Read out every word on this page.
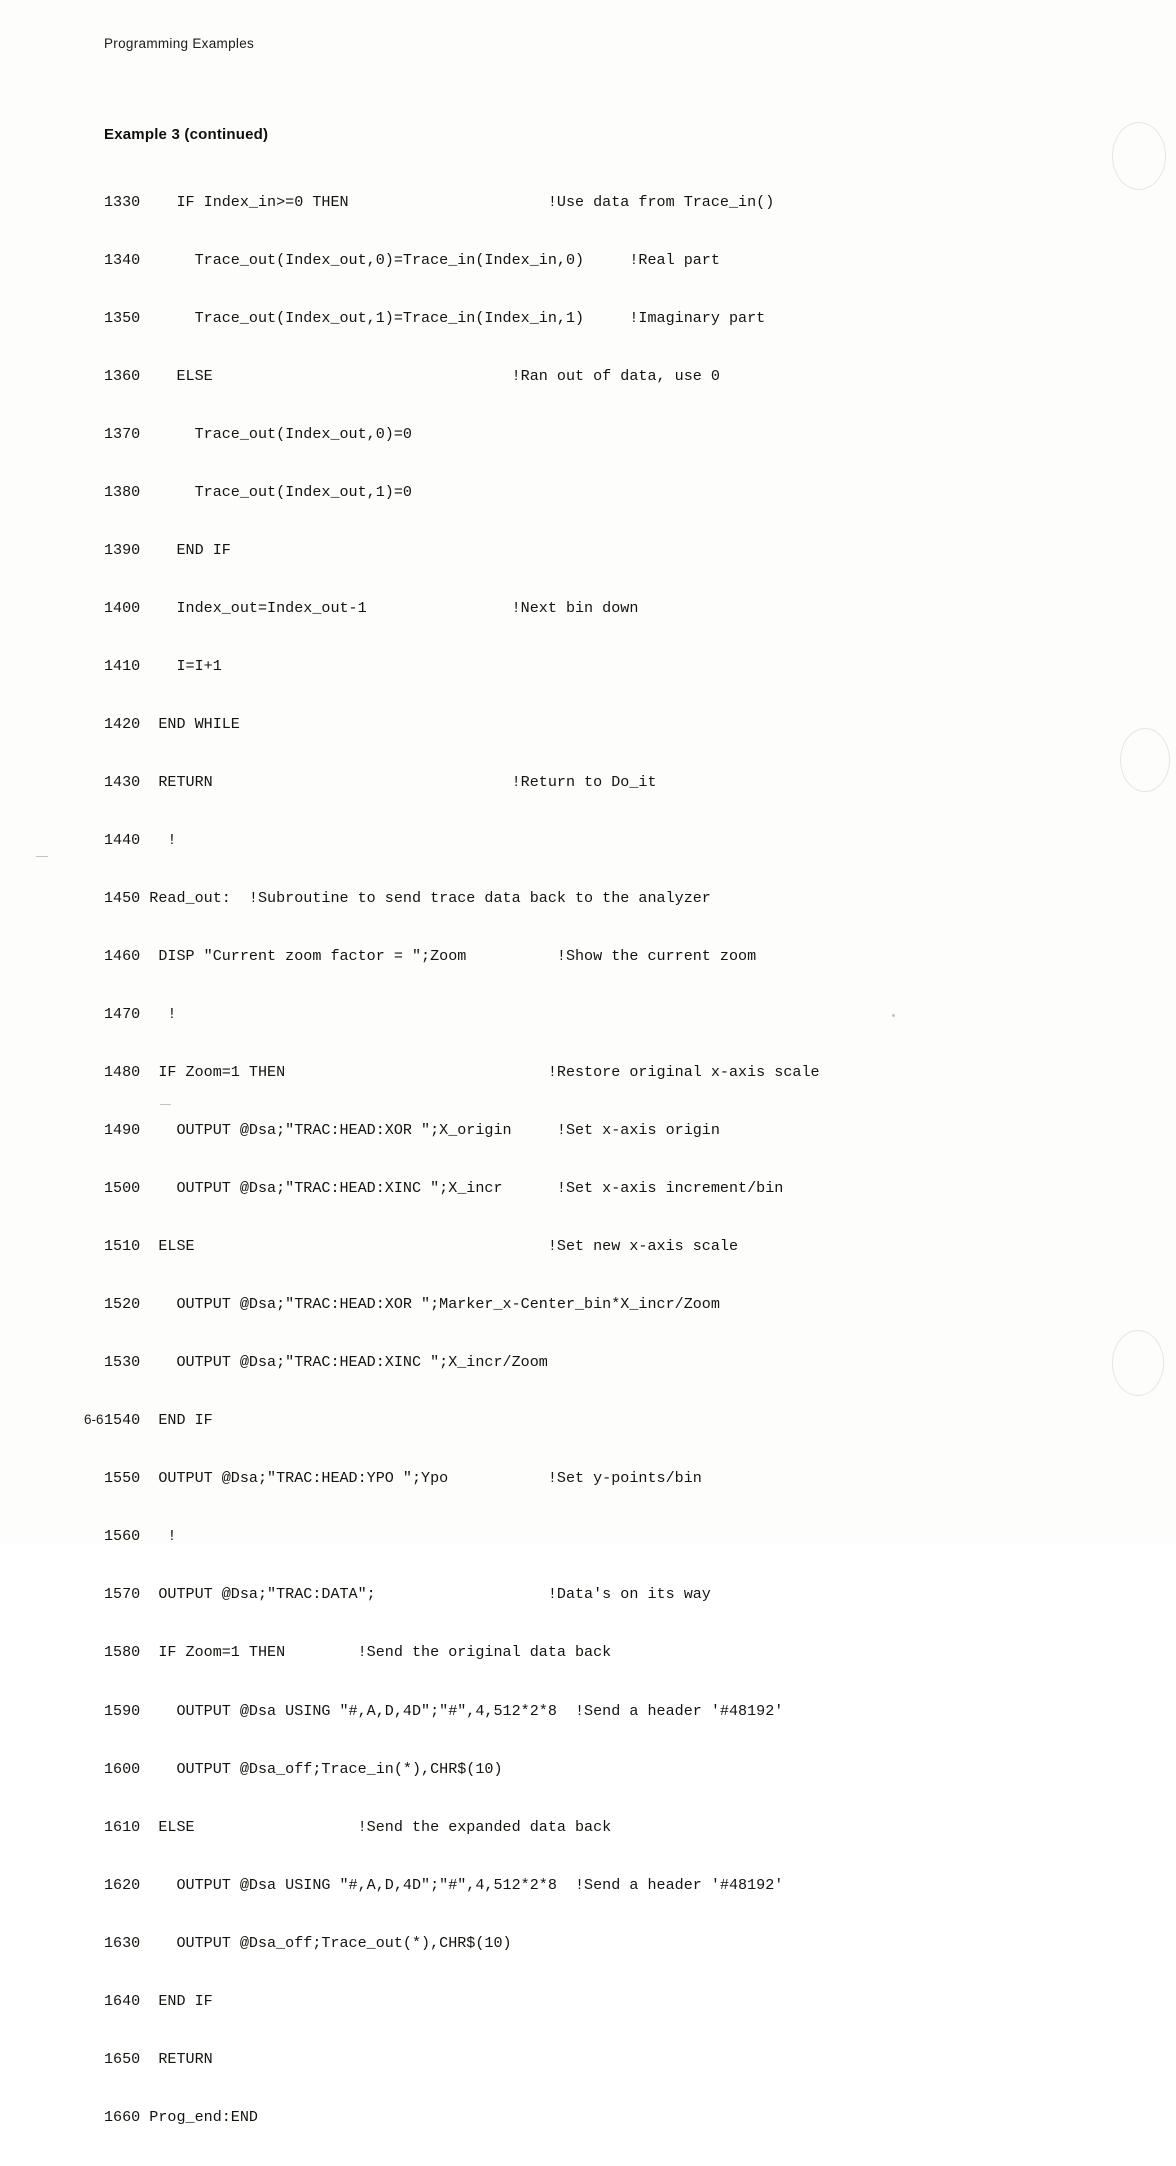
Programming Examples
Example 3 (continued)

1330    IF Index_in>=0 THEN                      !Use data from Trace_in()

1340      Trace_out(Index_out,0)=Trace_in(Index_in,0)     !Real part

1350      Trace_out(Index_out,1)=Trace_in(Index_in,1)     !Imaginary part

1360    ELSE                                 !Ran out of data, use 0

1370      Trace_out(Index_out,0)=0

1380      Trace_out(Index_out,1)=0

1390    END IF

1400    Index_out=Index_out-1                !Next bin down

1410    I=I+1

1420  END WHILE

1430  RETURN                                 !Return to Do_it

1440   !

1450 Read_out:  !Subroutine to send trace data back to the analyzer

1460  DISP "Current zoom factor = ";Zoom          !Show the current zoom

1470   !

1480  IF Zoom=1 THEN                             !Restore original x-axis scale

1490    OUTPUT @Dsa;"TRAC:HEAD:XOR ";X_origin     !Set x-axis origin

1500    OUTPUT @Dsa;"TRAC:HEAD:XINC ";X_incr      !Set x-axis increment/bin

1510  ELSE                                       !Set new x-axis scale

1520    OUTPUT @Dsa;"TRAC:HEAD:XOR ";Marker_x-Center_bin*X_incr/Zoom

1530    OUTPUT @Dsa;"TRAC:HEAD:XINC ";X_incr/Zoom

1540  END IF

1550  OUTPUT @Dsa;"TRAC:HEAD:YPO ";Ypo           !Set y-points/bin

1560   !

1570  OUTPUT @Dsa;"TRAC:DATA";                   !Data's on its way

1580  IF Zoom=1 THEN        !Send the original data back

1590    OUTPUT @Dsa USING "#,A,D,4D";"#",4,512*2*8  !Send a header '#48192'

1600    OUTPUT @Dsa_off;Trace_in(*),CHR$(10)

1610  ELSE                  !Send the expanded data back

1620    OUTPUT @Dsa USING "#,A,D,4D";"#",4,512*2*8  !Send a header '#48192'

1630    OUTPUT @Dsa_off;Trace_out(*),CHR$(10)

1640  END IF

1650  RETURN

1660 Prog_end:END

6-6
